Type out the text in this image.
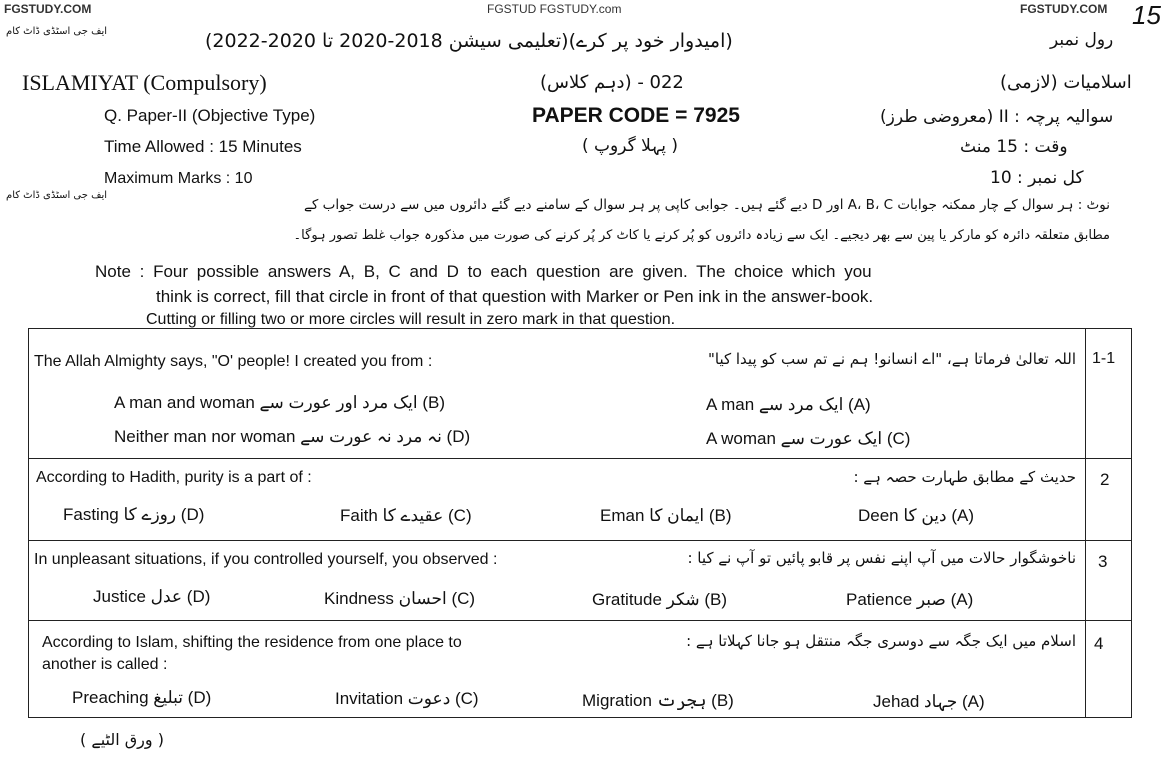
FGSTUDY.COM	FGSTUD FGSTUDY.com	FGSTUDY.COM 15
ایف جی اسٹڈی ڈاٹ کام
ایف جی اسٹڈی ڈاٹ کام
(امیدوار خود پر کرے)(تعلیمی سیشن 2018-2020 تا 2020-2022)	رول نمبر
ISLAMIYAT (Compulsory)	022 - (دہم کلاس)	اسلامیات (لازمی)
Q. Paper-II (Objective Type)	PAPER CODE = 7925	سوالیہ پرچہ : II (معروضی طرز)
Time Allowed : 15 Minutes	( پہلا گروپ )	وقت : 15 منٹ
Maximum Marks : 10	کل نمبر : 10
نوٹ : ہر سوال کے چار ممکنہ جوابات A، B، C اور D دیے گئے ہیں۔ جوابی کاپی پر ہر سوال کے سامنے دیے گئے دائروں میں سے درست جواب کے
مطابق متعلقہ دائرہ کو مارکر یا پین سے بھر دیجیے۔ ایک سے زیادہ دائروں کو پُر کرنے یا کاٹ کر پُر کرنے کی صورت میں مذکورہ جواب غلط تصور ہوگا۔
Note : Four possible answers A, B, C and D to each question are given. The choice which you
think is correct, fill that circle in front of that question with Marker or Pen ink in the answer-book.
Cutting or filling two or more circles will result in zero mark in that question.
1-1
The Allah Almighty says, "O' people! I created you from :	اللہ تعالیٰ فرماتا ہے، "اے انسانو! ہم نے تم سب کو پیدا کیا"
A man ایک مرد سے (A)
A man and woman ایک مرد اور عورت سے (B)
A woman ایک عورت سے (C)
Neither man nor woman نہ مرد نہ عورت سے (D)
2
According to Hadith, purity is a part of :	حدیث کے مطابق طہارت حصہ ہے :
Deen دین کا (A)
Eman ایمان کا (B)
Faith عقیدے کا (C)
Fasting روزے کا (D)
3
In unpleasant situations, if you controlled yourself, you observed :	ناخوشگوار حالات میں آپ اپنے نفس پر قابو پائیں تو آپ نے کیا :
Patience صبر (A)
Gratitude شکر (B)
Kindness احسان (C)
Justice عدل (D)
4
According to Islam, shifting the residence from one place to
another is called :
اسلام میں ایک جگہ سے دوسری جگہ منتقل ہو جانا کہلاتا ہے :
Jehad جہاد (A)
Migration ہجرت (B)
Invitation دعوت (C)
Preaching تبلیغ (D)
( ورق الٹیے )
